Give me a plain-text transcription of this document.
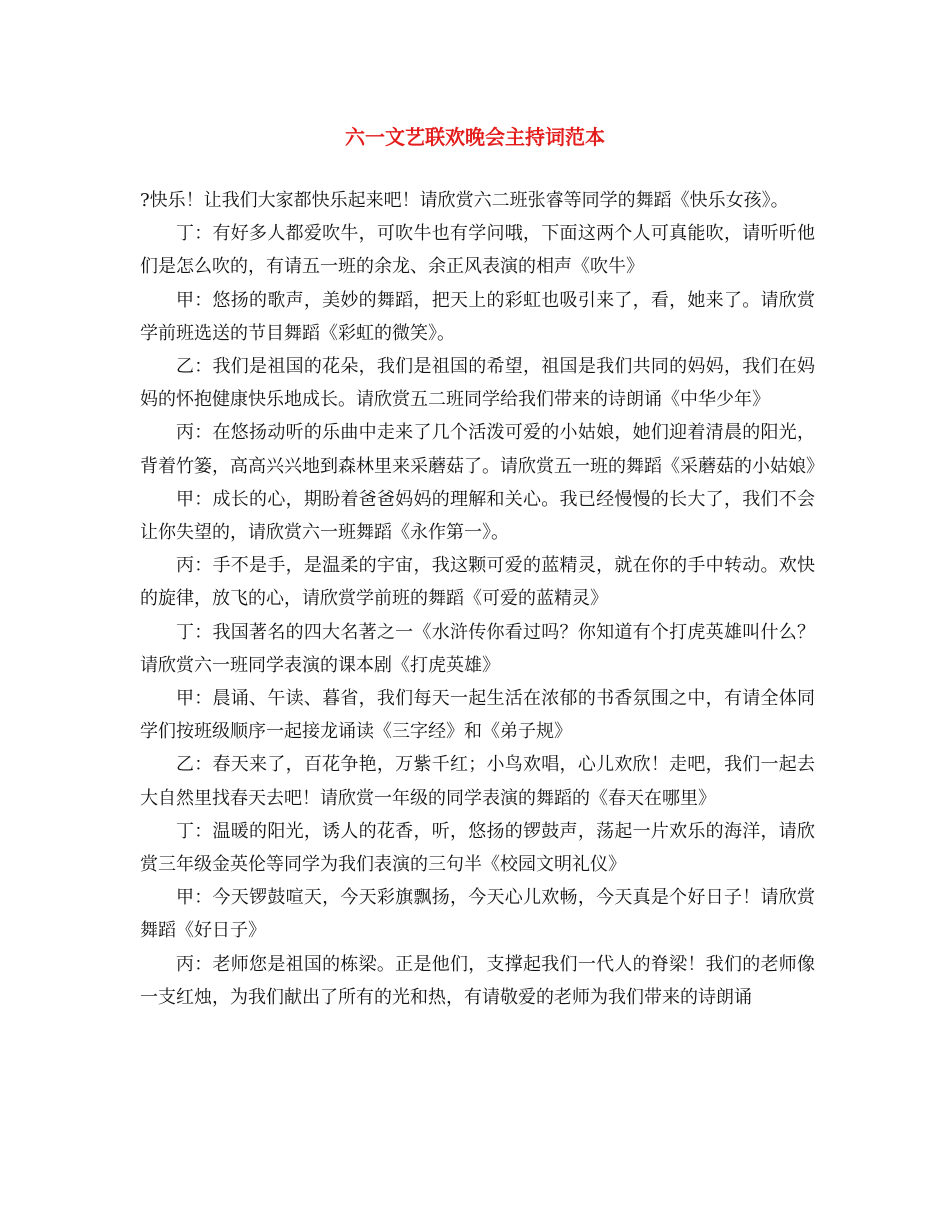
六一文艺联欢晚会主持词范本

?快乐！让我们大家都快乐起来吧！请欣赏六二班张睿等同学的舞蹈《快乐女孩》。

丁：有好多人都爱吹牛，可吹牛也有学问哦，下面这两个人可真能吹，请听听他们是怎么吹的，有请五一班的余龙、余正风表演的相声《吹牛》

甲：悠扬的歌声，美妙的舞蹈，把天上的彩虹也吸引来了，看，她来了。请欣赏学前班选送的节目舞蹈《彩虹的微笑》。

乙：我们是祖国的花朵，我们是祖国的希望，祖国是我们共同的妈妈，我们在妈妈的怀抱健康快乐地成长。请欣赏五二班同学给我们带来的诗朗诵《中华少年》

丙：在悠扬动听的乐曲中走来了几个活泼可爱的小姑娘，她们迎着清晨的阳光，背着竹篓，高高兴兴地到森林里来采蘑菇了。请欣赏五一班的舞蹈《采蘑菇的小姑娘》

甲：成长的心，期盼着爸爸妈妈的理解和关心。我已经慢慢的长大了，我们不会让你失望的，请欣赏六一班舞蹈《永作第一》。

丙：手不是手，是温柔的宇宙，我这颗可爱的蓝精灵，就在你的手中转动。欢快的旋律，放飞的心，请欣赏学前班的舞蹈《可爱的蓝精灵》

丁：我国著名的四大名著之一《水浒传你看过吗？你知道有个打虎英雄叫什么？请欣赏六一班同学表演的课本剧《打虎英雄》

甲：晨诵、午读、暮省，我们每天一起生活在浓郁的书香氛围之中，有请全体同学们按班级顺序一起接龙诵读《三字经》和《弟子规》

乙：春天来了，百花争艳，万紫千红；小鸟欢唱，心儿欢欣！走吧，我们一起去大自然里找春天去吧！请欣赏一年级的同学表演的舞蹈的《春天在哪里》

丁：温暖的阳光，诱人的花香，听，悠扬的锣鼓声，荡起一片欢乐的海洋，请欣赏三年级金英伦等同学为我们表演的三句半《校园文明礼仪》

甲：今天锣鼓喧天，今天彩旗飘扬，今天心儿欢畅，今天真是个好日子！请欣赏舞蹈《好日子》

丙：老师您是祖国的栋梁。正是他们，支撑起我们一代人的脊梁！我们的老师像一支红烛，为我们献出了所有的光和热，有请敬爱的老师为我们带来的诗朗诵
